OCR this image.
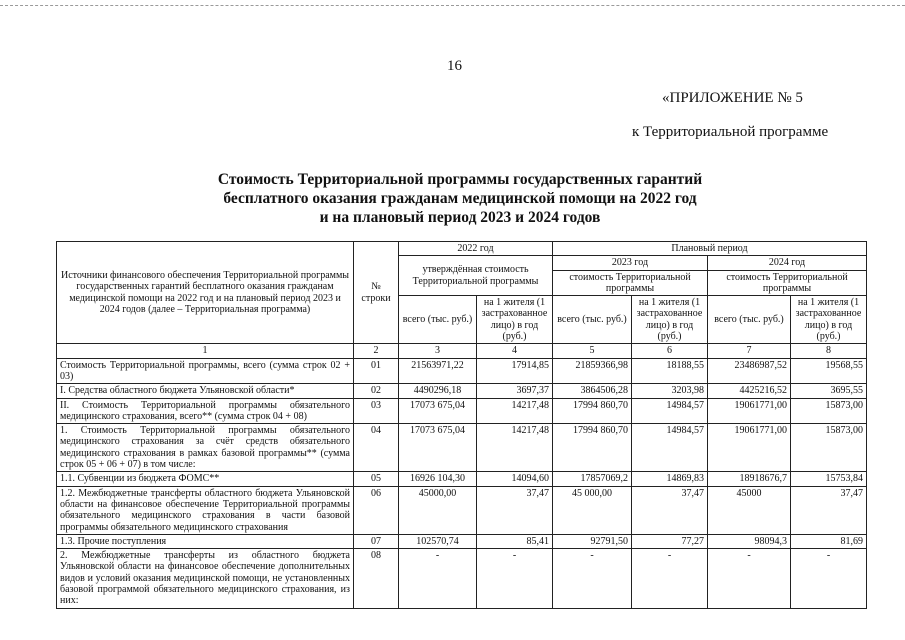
16
«ПРИЛОЖЕНИЕ № 5
к Территориальной программе
Стоимость Территориальной программы государственных гарантий
бесплатного оказания гражданам медицинской помощи на 2022 год
и на плановый период 2023 и 2024 годов
Источники финансового обеспечения Территориальной программы государственных гарантий бесплатного оказания гражданам медицинской помощи на 2022 год и на плановый период 2023 и 2024 годов (далее – Территориальная программа)	№ строки	2022 год		Плановый период			
		утверждённая стоимость Территориальной программы		2023 год		2024 год	
				стоимость Территориальной программы		стоимость Территориальной программы	
		всего (тыс. руб.)	на 1 жителя (1 застрахованное лицо) в год (руб.)	всего (тыс. руб.)	на 1 жителя (1 застрахованное лицо) в год (руб.)	всего (тыс. руб.)	на 1 жителя (1 застрахованное лицо) в год (руб.)
1	2	3	4	5	6	7	8
Стоимость Территориальной программы, всего (сумма строк 02 + 03)	01	21563971,22	17914,85	21859366,98	18188,55	23486987,52	19568,55
I. Средства областного бюджета Ульяновской области*	02	4490296,18	3697,37	3864506,28	3203,98	4425216,52	3695,55
II. Стоимость Территориальной программы обязательного медицинского страхования, всего** (сумма строк 04 + 08)	03	17073 675,04	14217,48	17994 860,70	14984,57	19061771,00	15873,00
1. Стоимость Территориальной программы обязательного медицинского страхования за счёт средств обязательного медицинского страхования в рамках базовой программы** (сумма строк 05 + 06 + 07) в том числе:	04	17073 675,04	14217,48	17994 860,70	14984,57	19061771,00	15873,00
1.1. Субвенции из бюджета ФОМС**	05	16926 104,30	14094,60	17857069,2	14869,83	18918676,7	15753,84
1.2. Межбюджетные трансферты областного бюджета Ульяновской области на финансовое обеспечение Территориальной программы обязательного медицинского страхования в части базовой программы обязательного медицинского страхования	06	45000,00	37,47	45 000,00	37,47	45000	37,47
1.3. Прочие поступления	07	102570,74	85,41	92791,50	77,27	98094,3	81,69
2. Межбюджетные трансферты из областного бюджета Ульяновской области на финансовое обеспечение дополнительных видов и условий оказания медицинской помощи, не установленных базовой программой обязательного медицинского страхования, из них:	08	-	-	-	-	-	-
